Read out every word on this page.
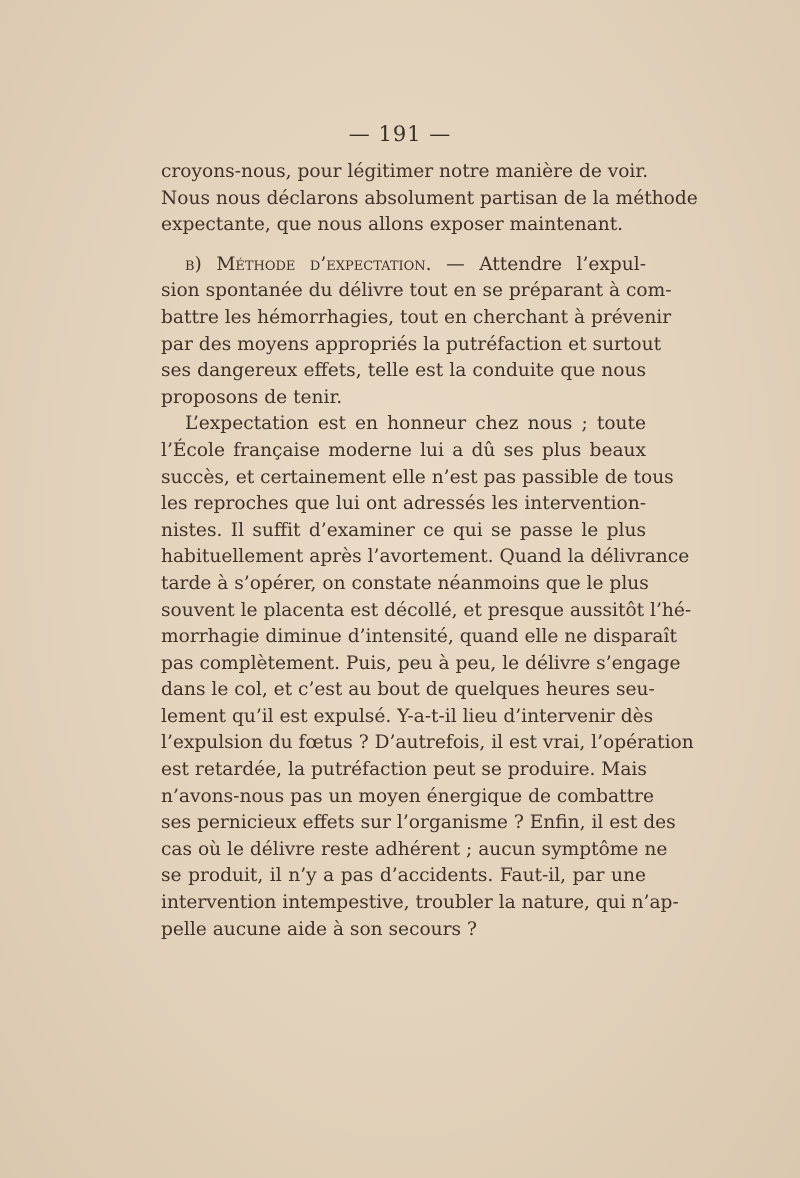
— 191 —
croyons-nous, pour légitimer notre manière de voir.
Nous nous déclarons absolument partisan de la méthode
expectante, que nous allons exposer maintenant.
b) Méthode d’expectation. — Attendre l’expul-
sion spontanée du délivre tout en se préparant à com-
battre les hémorrhagies, tout en cherchant à prévenir
par des moyens appropriés la putréfaction et surtout
ses dangereux effets, telle est la conduite que nous
proposons de tenir.
L’expectation est en honneur chez nous ; toute
l’École française moderne lui a dû ses plus beaux
succès, et certainement elle n’est pas passible de tous
les reproches que lui ont adressés les intervention-
nistes. Il suffit d’examiner ce qui se passe le plus
habituellement après l’avortement. Quand la délivrance
tarde à s’opérer, on constate néanmoins que le plus
souvent le placenta est décollé, et presque aussitôt l’hé-
morrhagie diminue d’intensité, quand elle ne disparaît
pas complètement. Puis, peu à peu, le délivre s’engage
dans le col, et c’est au bout de quelques heures seu-
lement qu’il est expulsé. Y-a-t-il lieu d’intervenir dès
l’expulsion du fœtus ? D’autrefois, il est vrai, l’opération
est retardée, la putréfaction peut se produire. Mais
n’avons-nous pas un moyen énergique de combattre
ses pernicieux effets sur l’organisme ? Enfin, il est des
cas où le délivre reste adhérent ; aucun symptôme ne
se produit, il n’y a pas d’accidents. Faut-il, par une
intervention intempestive, troubler la nature, qui n’ap-
pelle aucune aide à son secours ?
